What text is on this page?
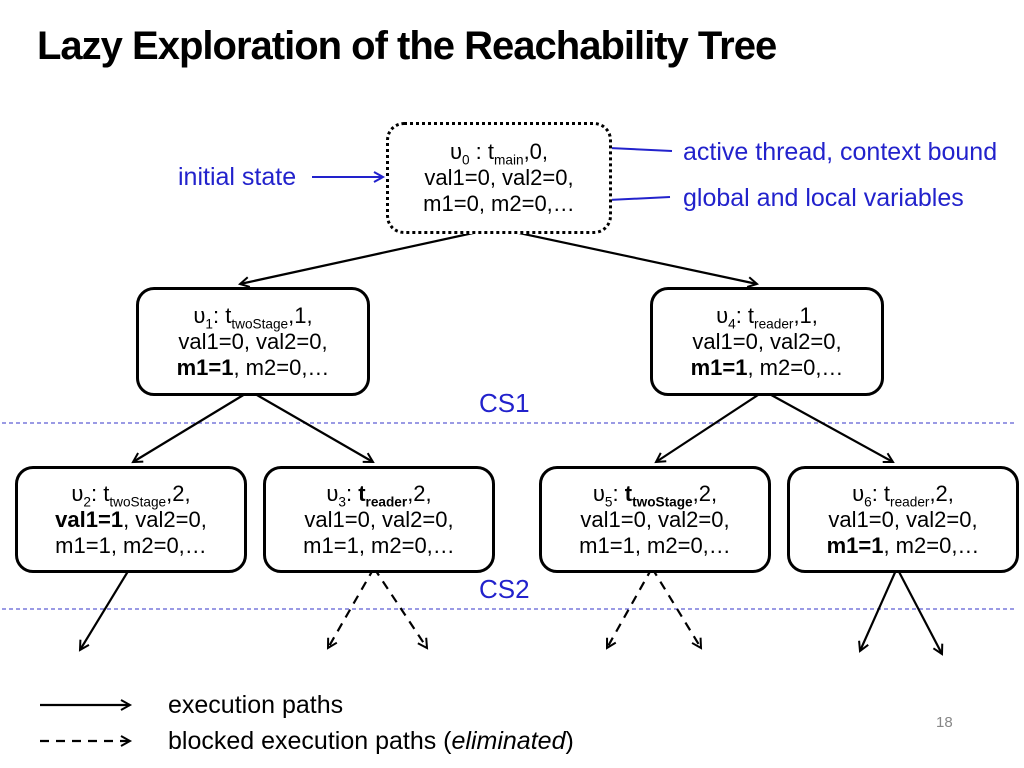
Lazy Exploration of the Reachability Tree
$\upsilon_0$ : $t_{main},0$,
val1=0, val2=0,
m1=0, m2=0,…
$\upsilon_1$: $t_{twoStage},1$,
val1=0, val2=0,
m1=1, m2=0,…
$\upsilon_4$: $t_{reader},1$,
val1=0, val2=0,
m1=1, m2=0,…
$\upsilon_2$: $t_{twoStage},2$,
val1=1, val2=0,
m1=1, m2=0,…
$\upsilon_3$: $t_{reader},2$,
val1=0, val2=0,
m1=1, m2=0,…
$\upsilon_5$: $t_{twoStage},2$,
val1=0, val2=0,
m1=1, m2=0,…
$\upsilon_6$: $t_{reader},2$,
val1=0, val2=0,
m1=1, m2=0,…
initial state
active thread, context bound
global and local variables
CS1
CS2
execution paths
blocked execution paths (eliminated)
18
